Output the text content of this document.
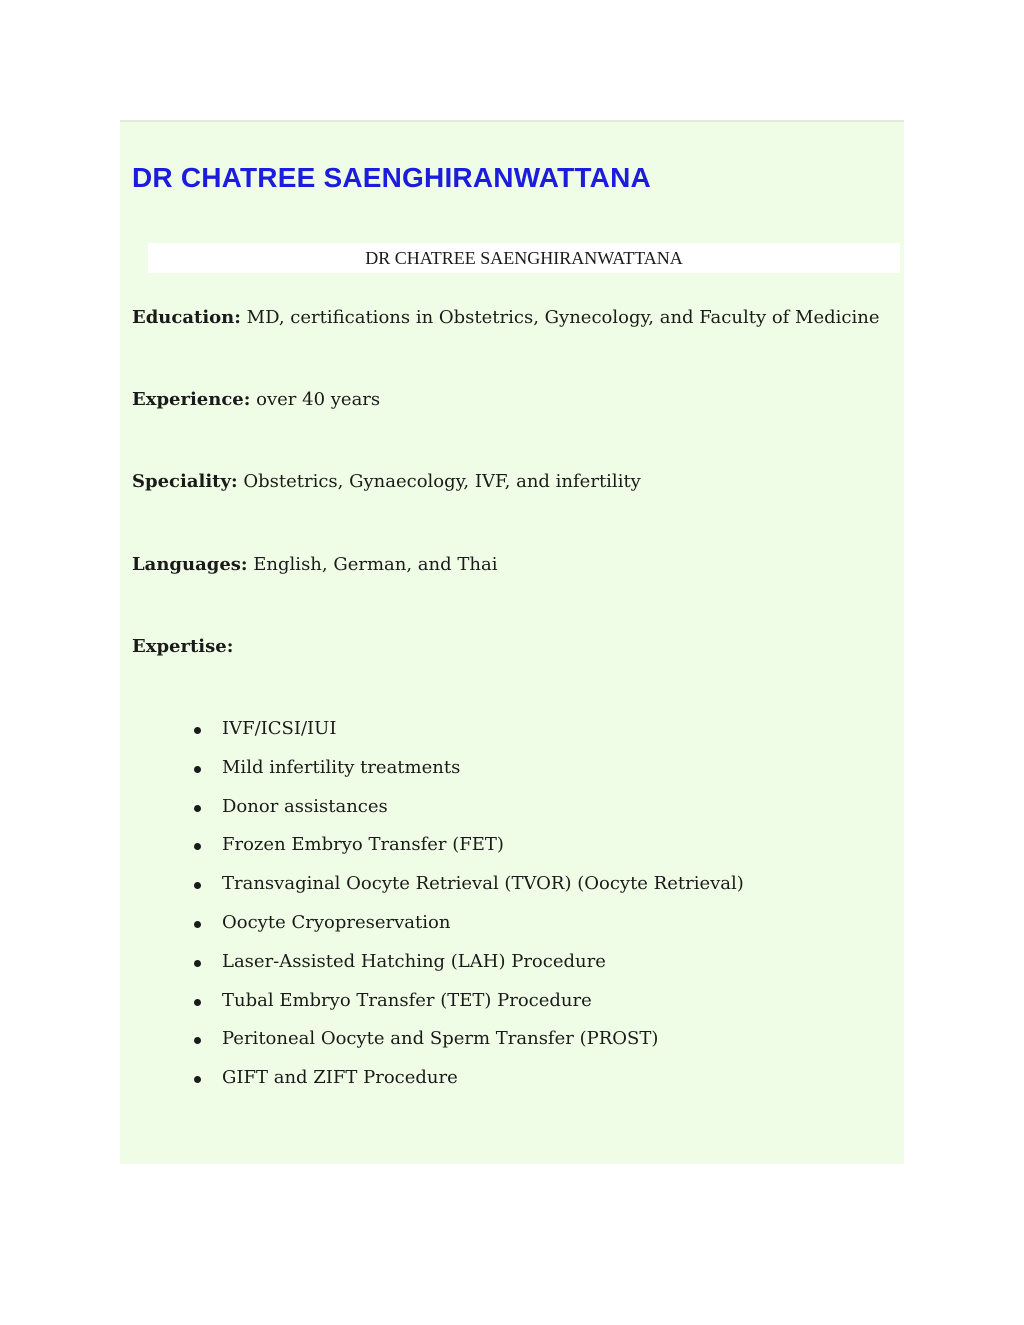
DR CHATREE SAENGHIRANWATTANA
DR CHATREE SAENGHIRANWATTANA

Education: MD, certifications in Obstetrics, Gynecology, and Faculty of Medicine

Experience: over 40 years

Speciality: Obstetrics, Gynaecology, IVF, and infertility

Languages: English, German, and Thai

Expertise:

IVF/ICSI/IUI
Mild infertility treatments
Donor assistances
Frozen Embryo Transfer (FET)
Transvaginal Oocyte Retrieval (TVOR) (Oocyte Retrieval)
Oocyte Cryopreservation
Laser-Assisted Hatching (LAH) Procedure
Tubal Embryo Transfer (TET) Procedure
Peritoneal Oocyte and Sperm Transfer (PROST)
GIFT and ZIFT Procedure
